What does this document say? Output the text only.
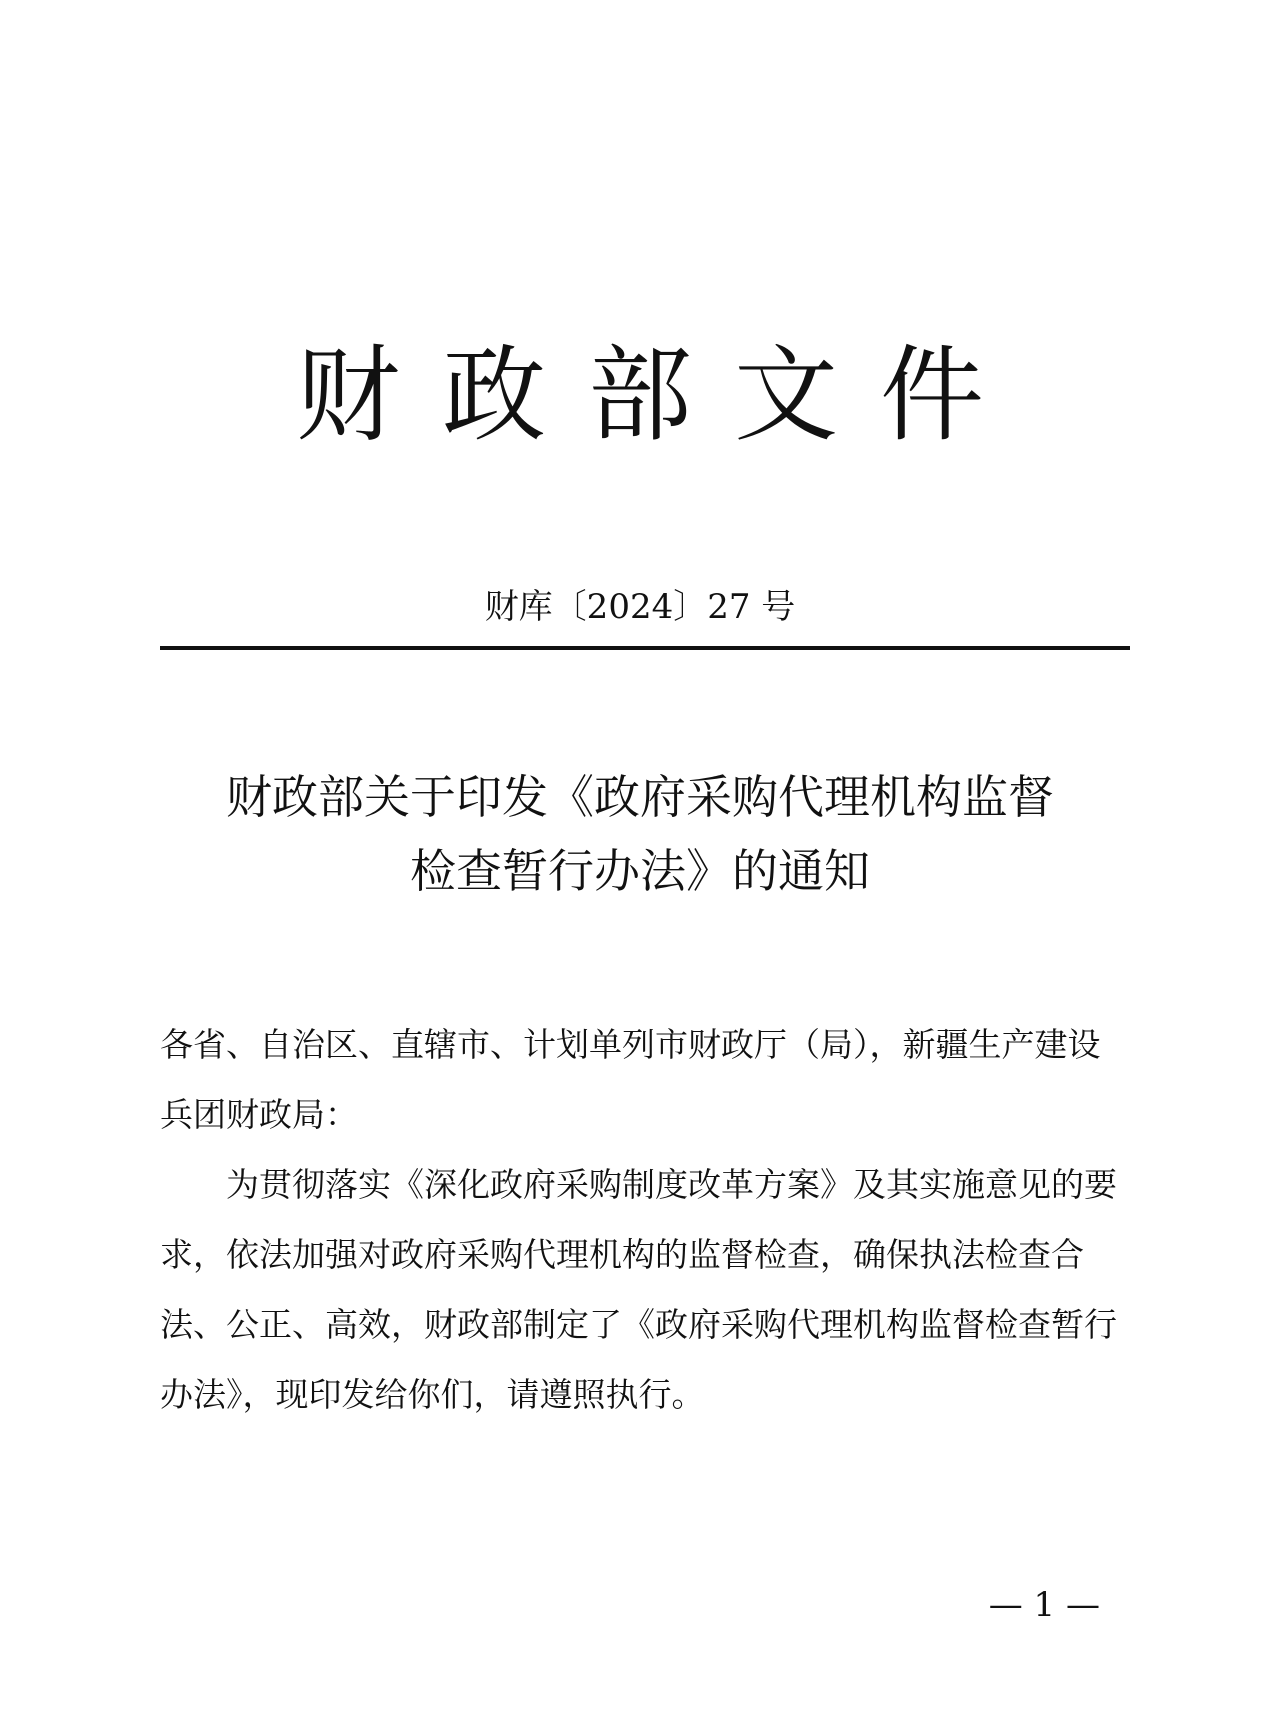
财政部文件
财库〔2024〕27 号
财政部关于印发《政府采购代理机构监督
检查暂行办法》的通知

各省、自治区、直辖市、计划单列市财政厅（局），新疆生产建设兵团财政局：

为贯彻落实《深化政府采购制度改革方案》及其实施意见的要求，依法加强对政府采购代理机构的监督检查，确保执法检查合法、公正、高效，财政部制定了《政府采购代理机构监督检查暂行办法》，现印发给你们，请遵照执行。

— 1 —
